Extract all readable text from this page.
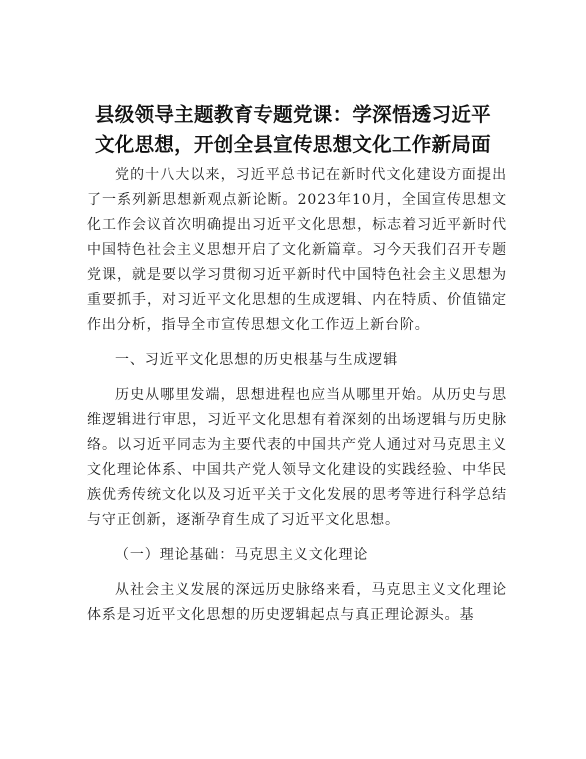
县级领导主题教育专题党课：学深悟透习近平
文化思想，开创全县宣传思想文化工作新局面

党的十八大以来，习近平总书记在新时代文化建设方面提出了一系列新思想新观点新论断。2023年10月，全国宣传思想文化工作会议首次明确提出习近平文化思想，标志着习近平新时代中国特色社会主义思想开启了文化新篇章。习今天我们召开专题党课，就是要以学习贯彻习近平新时代中国特色社会主义思想为重要抓手，对习近平文化思想的生成逻辑、内在特质、价值锚定作出分析，指导全市宣传思想文化工作迈上新台阶。

一、习近平文化思想的历史根基与生成逻辑

历史从哪里发端，思想进程也应当从哪里开始。从历史与思维逻辑进行审思，习近平文化思想有着深刻的出场逻辑与历史脉络。以习近平同志为主要代表的中国共产党人通过对马克思主义文化理论体系、中国共产党人领导文化建设的实践经验、中华民族优秀传统文化以及习近平关于文化发展的思考等进行科学总结与守正创新，逐渐孕育生成了习近平文化思想。

（一）理论基础：马克思主义文化理论

从社会主义发展的深远历史脉络来看，马克思主义文化理论体系是习近平文化思想的历史逻辑起点与真正理论源头。基
